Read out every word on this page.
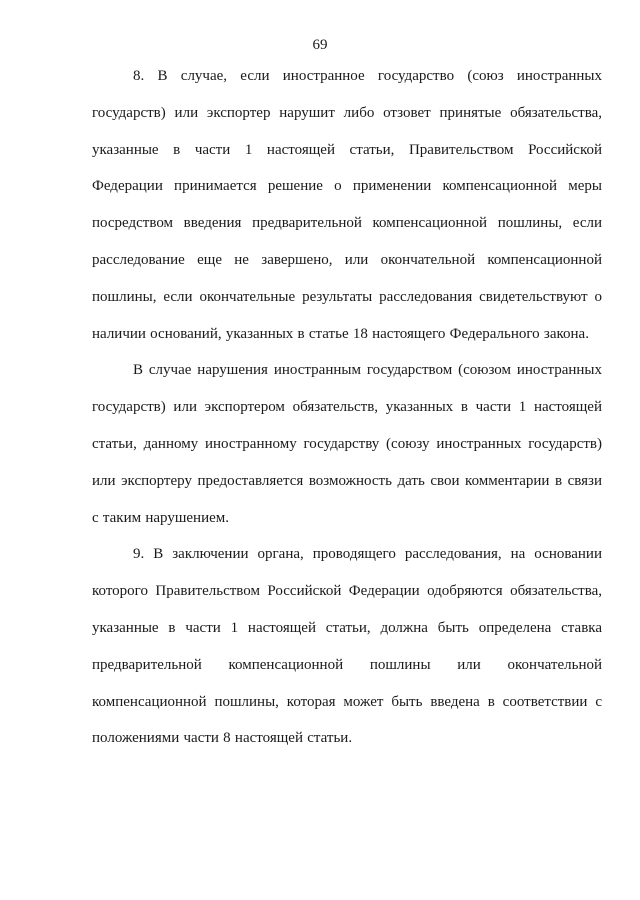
69

8. В случае, если иностранное государство (союз иностранных государств) или экспортер нарушит либо отзовет принятые обязательства, указанные в части 1 настоящей статьи, Правительством Российской Федерации принимается решение о применении компенсационной меры посредством введения предварительной компенсационной пошлины, если расследование еще не завершено, или окончательной компенсационной пошлины, если окончательные результаты расследования свидетельствуют о наличии оснований, указанных в статье 18 настоящего Федерального закона.

В случае нарушения иностранным государством (союзом иностранных государств) или экспортером обязательств, указанных в части 1 настоящей статьи, данному иностранному государству (союзу иностранных государств) или экспортеру предоставляется возможность дать свои комментарии в связи с таким нарушением.

9. В заключении органа, проводящего расследования, на основании которого Правительством Российской Федерации одобряются обязательства, указанные в части 1 настоящей статьи, должна быть определена ставка предварительной компенсационной пошлины или окончательной компенсационной пошлины, которая может быть введена в соответствии с положениями части 8 настоящей статьи.
